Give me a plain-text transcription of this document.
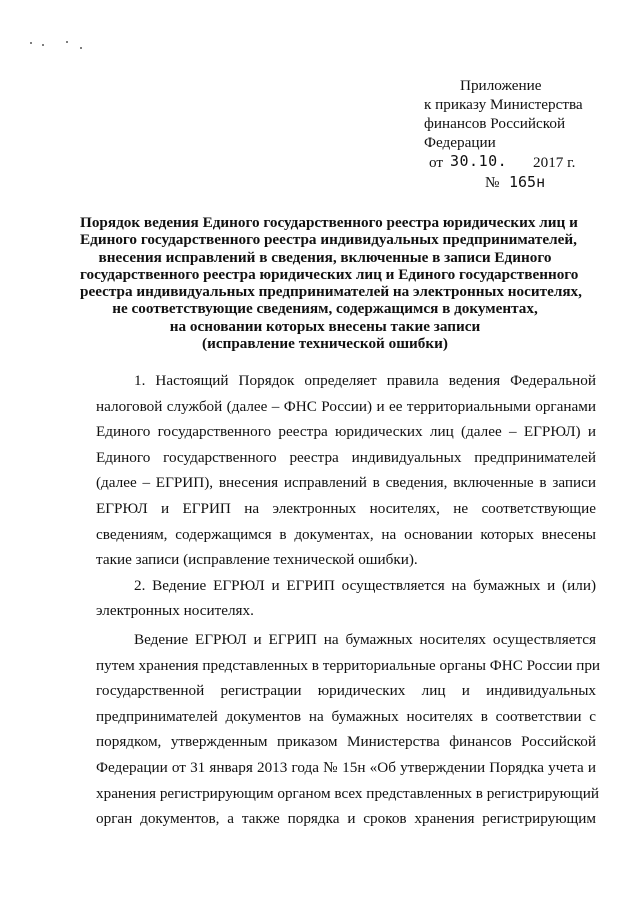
Приложение
к приказу Министерства
финансов Российской
Федерации
от 30.10. 2017 г.
№ 165н
Порядок ведения Единого государственного реестра юридических лиц и
Единого государственного реестра индивидуальных предпринимателей,
внесения исправлений в сведения, включенные в записи Единого
государственного реестра юридических лиц и Единого государственного
реестра индивидуальных предпринимателей на электронных носителях,
не соответствующие сведениям, содержащимся в документах,
на основании которых внесены такие записи
(исправление технической ошибки)
1. Настоящий Порядок определяет правила ведения Федеральной
налоговой службой (далее – ФНС России) и ее территориальными органами
Единого государственного реестра юридических лиц (далее – ЕГРЮЛ) и
Единого государственного реестра индивидуальных предпринимателей
(далее – ЕГРИП), внесения исправлений в сведения, включенные в записи
ЕГРЮЛ и ЕГРИП на электронных носителях, не соответствующие
сведениям, содержащимся в документах, на основании которых внесены
такие записи (исправление технической ошибки).
2. Ведение ЕГРЮЛ и ЕГРИП осуществляется на бумажных и (или)
электронных носителях.
Ведение ЕГРЮЛ и ЕГРИП на бумажных носителях осуществляется
путем хранения представленных в территориальные органы ФНС России при
государственной регистрации юридических лиц и индивидуальных
предпринимателей документов на бумажных носителях в соответствии с
порядком, утвержденным приказом Министерства финансов Российской
Федерации от 31 января 2013 года № 15н «Об утверждении Порядка учета и
хранения регистрирующим органом всех представленных в регистрирующий
орган документов, а также порядка и сроков хранения регистрирующим
